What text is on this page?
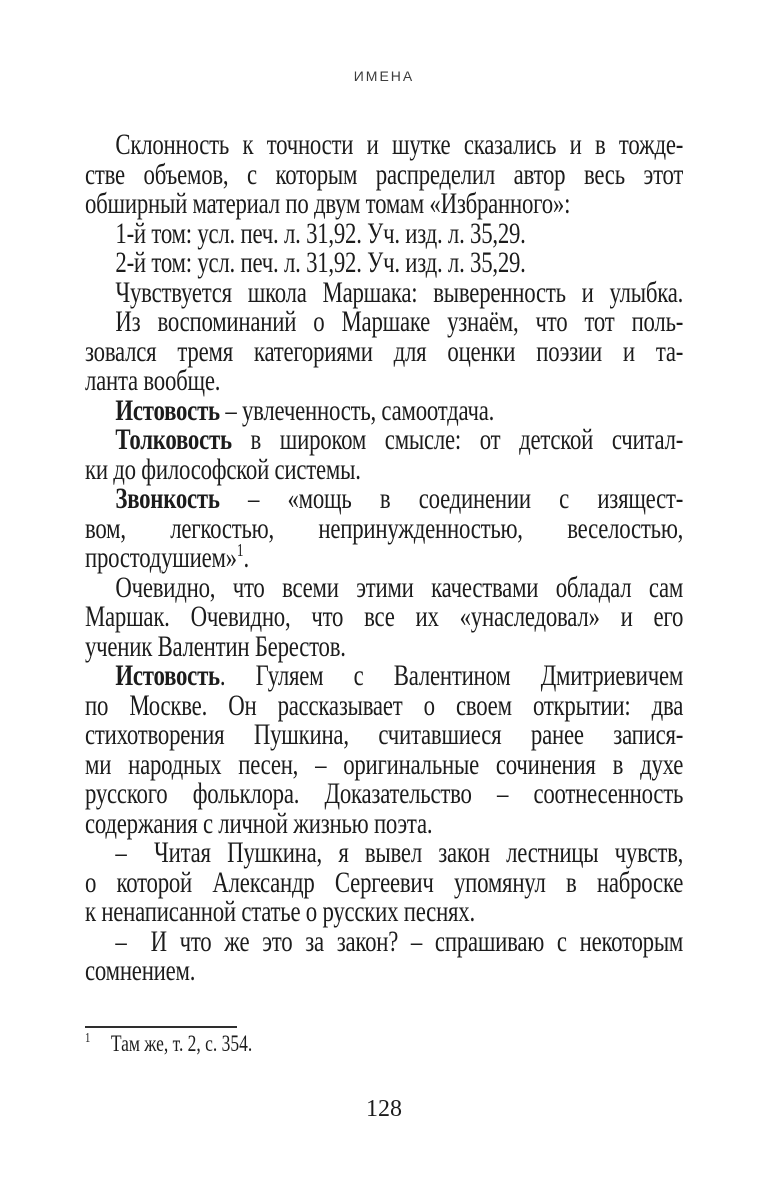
ИМЕНА
Склонность к точности и шутке сказались и в тожде-
стве объемов, с которым распределил автор весь этот
обширный материал по двум томам «Избранного»:
1-й том: усл. печ. л. 31,92. Уч. изд. л. 35,29.
2-й том: усл. печ. л. 31,92. Уч. изд. л. 35,29.
Чувствуется школа Маршака: выверенность и улыбка.
Из воспоминаний о Маршаке узнаём, что тот поль-
зовался тремя категориями для оценки поэзии и та-
ланта вообще.
Истовость – увлеченность, самоотдача.
Толковость в широком смысле: от детской считал-
ки до философской системы.
Звонкость – «мощь в соединении с изящест-
вом, легкостью, непринужденностью, веселостью,
простодушием»$^1$.
Очевидно, что всеми этими качествами обладал сам
Маршак. Очевидно, что все их «унаследовал» и его
ученик Валентин Берестов.
Истовость. Гуляем с Валентином Дмитриевичем
по Москве. Он рассказывает о своем открытии: два
стихотворения Пушкина, считавшиеся ранее запися-
ми народных песен, – оригинальные сочинения в духе
русского фольклора. Доказательство – соотнесенность
содержания с личной жизнью поэта.
–  Читая Пушкина, я вывел закон лестницы чувств,
о которой Александр Сергеевич упомянул в наброске
к ненаписанной статье о русских песнях.
–  И что же это за закон? – спрашиваю с некоторым
сомнением.
$^1$ Там же, т. 2, с. 354.
128
